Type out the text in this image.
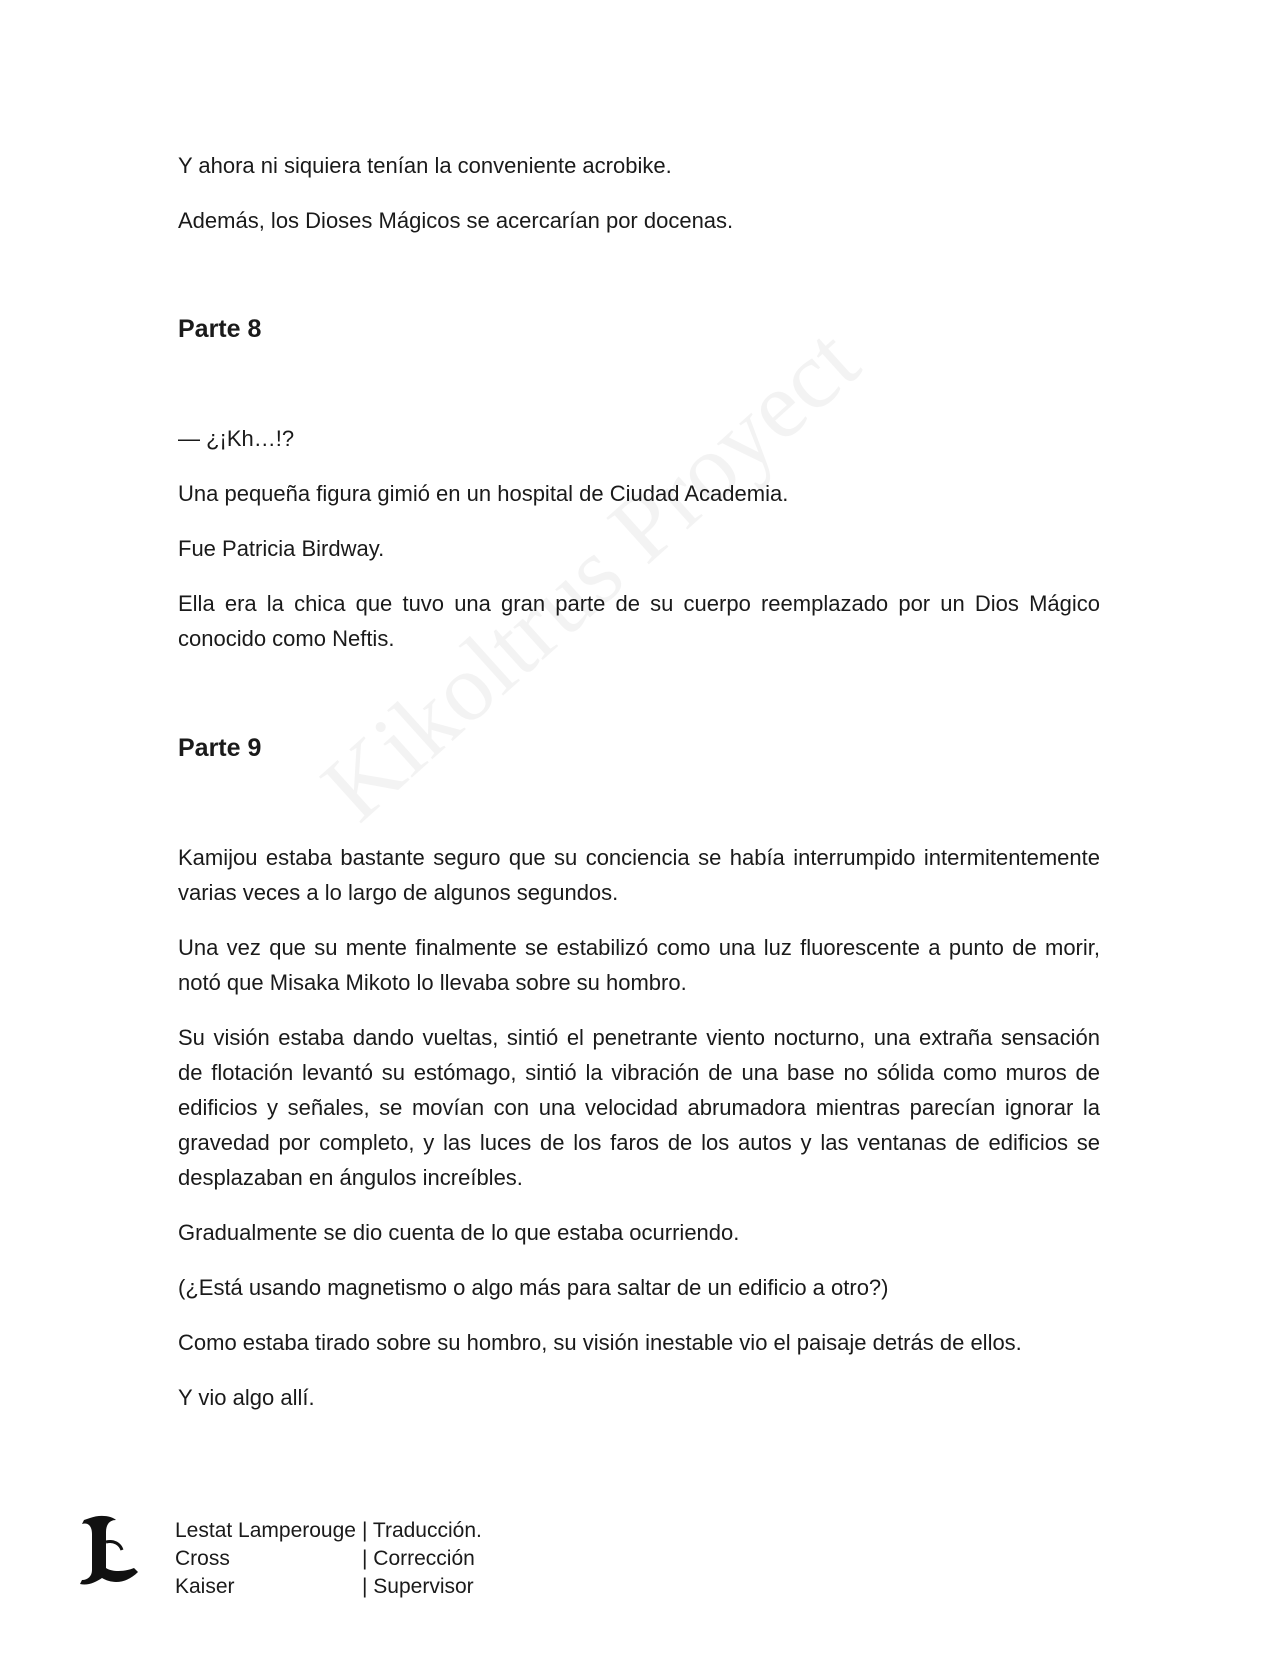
Y ahora ni siquiera tenían la conveniente acrobike.

Además, los Dioses Mágicos se acercarían por docenas.

Parte 8

— ¿¡Kh…!?

Una pequeña figura gimió en un hospital de Ciudad Academia.

Fue Patricia Birdway.

Ella era la chica que tuvo una gran parte de su cuerpo reemplazado por un Dios Mágico conocido como Neftis.

Parte 9

Kamijou estaba bastante seguro que su conciencia se había interrumpido intermitentemente varias veces a lo largo de algunos segundos.

Una vez que su mente finalmente se estabilizó como una luz fluorescente a punto de morir, notó que Misaka Mikoto lo llevaba sobre su hombro.

Su visión estaba dando vueltas, sintió el penetrante viento nocturno, una extraña sensación de flotación levantó su estómago, sintió la vibración de una base no sólida como muros de edificios y señales, se movían con una velocidad abrumadora mientras parecían ignorar la gravedad por completo, y las luces de los faros de los autos y las ventanas de edificios se desplazaban en ángulos increíbles.

Gradualmente se dio cuenta de lo que estaba ocurriendo.

(¿Está usando magnetismo o algo más para saltar de un edificio a otro?)

Como estaba tirado sobre su hombro, su visión inestable vio el paisaje detrás de ellos.

Y vio algo allí.

Lestat Lamperouge | Traducción.
Cross	| Corrección
Kaiser	| Supervisor
